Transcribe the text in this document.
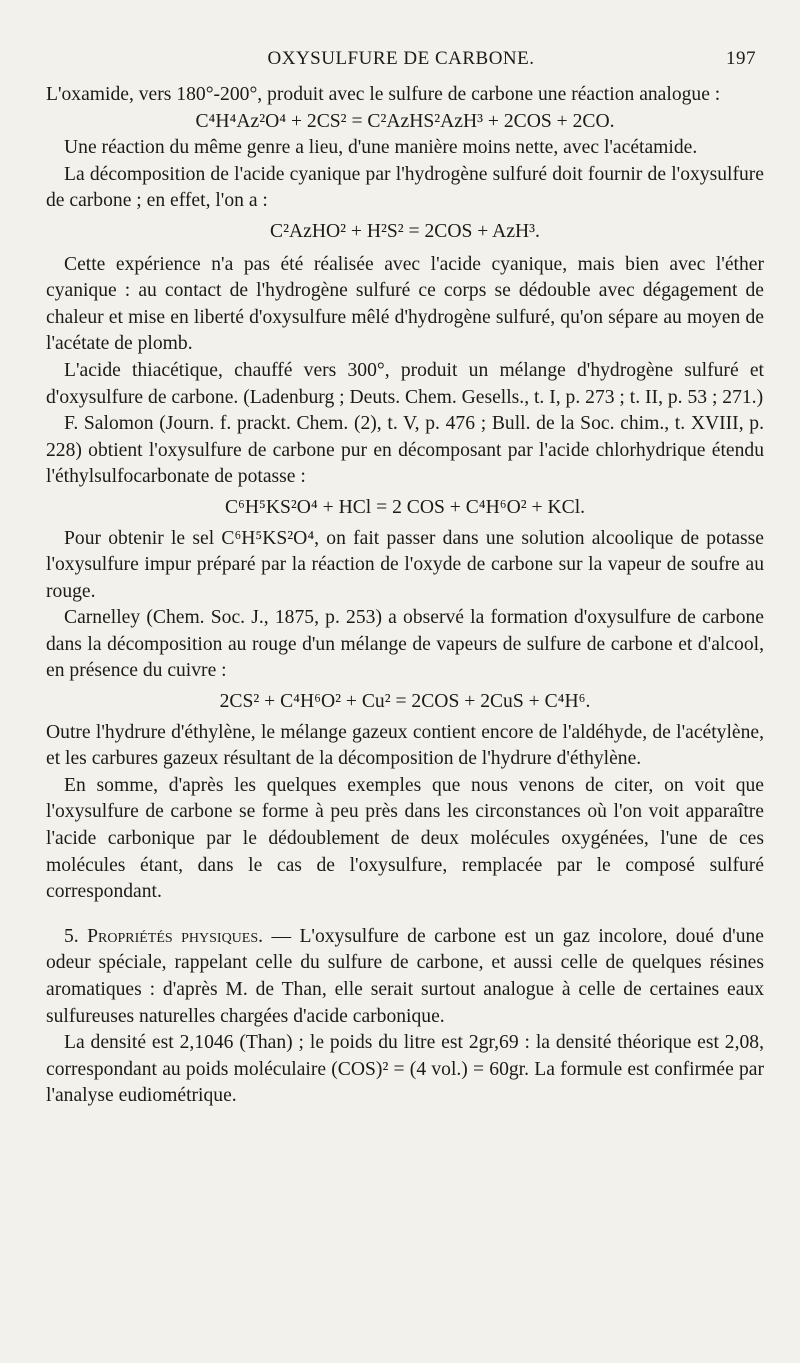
OXYSULFURE DE CARBONE.	197

L'oxamide, vers 180°-200°, produit avec le sulfure de carbone une réaction analogue :

C⁴H⁴Az²O⁴ + 2CS² = C²AzHS²AzH³ + 2COS + 2CO.

Une réaction du même genre a lieu, d'une manière moins nette, avec l'acétamide.

La décomposition de l'acide cyanique par l'hydrogène sulfuré doit fournir de l'oxysulfure de carbone ; en effet, l'on a :

C²AzHO² + H²S² = 2COS + AzH³.

Cette expérience n'a pas été réalisée avec l'acide cyanique, mais bien avec l'éther cyanique : au contact de l'hydrogène sulfuré ce corps se dédouble avec dégagement de chaleur et mise en liberté d'oxysulfure mêlé d'hydrogène sulfuré, qu'on sépare au moyen de l'acétate de plomb.

L'acide thiacétique, chauffé vers 300°, produit un mélange d'hydrogène sulfuré et d'oxysulfure de carbone. (Ladenburg ; Deuts. Chem. Gesells., t. I, p. 273 ; t. II, p. 53 ; 271.)

F. Salomon (Journ. f. prackt. Chem. (2), t. V, p. 476 ; Bull. de la Soc. chim., t. XVIII, p. 228) obtient l'oxysulfure de carbone pur en décomposant par l'acide chlorhydrique étendu l'éthylsulfocarbonate de potasse :

C⁶H⁵KS²O⁴ + HCl = 2 COS + C⁴H⁶O² + KCl.

Pour obtenir le sel C⁶H⁵KS²O⁴, on fait passer dans une solution alcoolique de potasse l'oxysulfure impur préparé par la réaction de l'oxyde de carbone sur la vapeur de soufre au rouge.

Carnelley (Chem. Soc. J., 1875, p. 253) a observé la formation d'oxysulfure de carbone dans la décomposition au rouge d'un mélange de vapeurs de sulfure de carbone et d'alcool, en présence du cuivre :

2CS² + C⁴H⁶O² + Cu² = 2COS + 2CuS + C⁴H⁶.

Outre l'hydrure d'éthylène, le mélange gazeux contient encore de l'aldéhyde, de l'acétylène, et les carbures gazeux résultant de la décomposition de l'hydrure d'éthylène.

En somme, d'après les quelques exemples que nous venons de citer, on voit que l'oxysulfure de carbone se forme à peu près dans les circonstances où l'on voit apparaître l'acide carbonique par le dédoublement de deux molécules oxygénées, l'une de ces molécules étant, dans le cas de l'oxysulfure, remplacée par le composé sulfuré correspondant.

5. Propriétés physiques. — L'oxysulfure de carbone est un gaz incolore, doué d'une odeur spéciale, rappelant celle du sulfure de carbone, et aussi celle de quelques résines aromatiques : d'après M. de Than, elle serait surtout analogue à celle de certaines eaux sulfureuses naturelles chargées d'acide carbonique.

La densité est 2,1046 (Than) ; le poids du litre est 2gr,69 : la densité théorique est 2,08, correspondant au poids moléculaire (COS)² = (4 vol.) = 60gr. La formule est confirmée par l'analyse eudiométrique.
